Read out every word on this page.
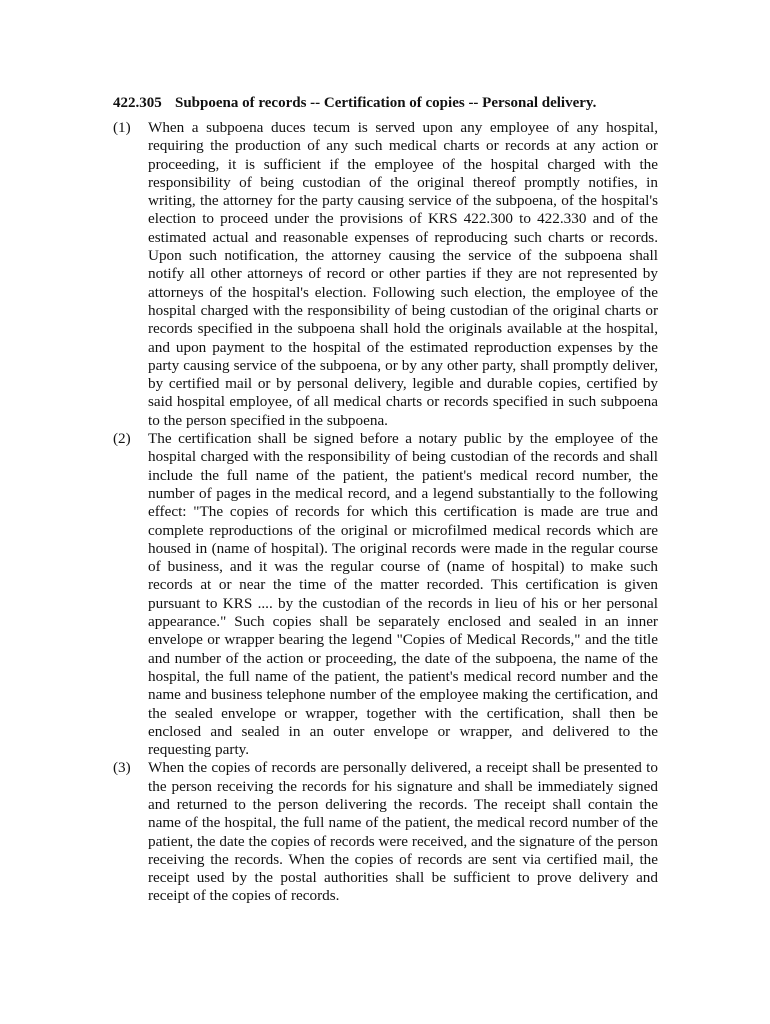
422.305 Subpoena of records -- Certification of copies -- Personal delivery.
(1)	When a subpoena duces tecum is served upon any employee of any hospital, requiring the production of any such medical charts or records at any action or proceeding, it is sufficient if the employee of the hospital charged with the responsibility of being custodian of the original thereof promptly notifies, in writing, the attorney for the party causing service of the subpoena, of the hospital's election to proceed under the provisions of KRS 422.300 to 422.330 and of the estimated actual and reasonable expenses of reproducing such charts or records. Upon such notification, the attorney causing the service of the subpoena shall notify all other attorneys of record or other parties if they are not represented by attorneys of the hospital's election. Following such election, the employee of the hospital charged with the responsibility of being custodian of the original charts or records specified in the subpoena shall hold the originals available at the hospital, and upon payment to the hospital of the estimated reproduction expenses by the party causing service of the subpoena, or by any other party, shall promptly deliver, by certified mail or by personal delivery, legible and durable copies, certified by said hospital employee, of all medical charts or records specified in such subpoena to the person specified in the subpoena.
(2)	The certification shall be signed before a notary public by the employee of the hospital charged with the responsibility of being custodian of the records and shall include the full name of the patient, the patient's medical record number, the number of pages in the medical record, and a legend substantially to the following effect: "The copies of records for which this certification is made are true and complete reproductions of the original or microfilmed medical records which are housed in (name of hospital). The original records were made in the regular course of business, and it was the regular course of (name of hospital) to make such records at or near the time of the matter recorded. This certification is given pursuant to KRS .... by the custodian of the records in lieu of his or her personal appearance." Such copies shall be separately enclosed and sealed in an inner envelope or wrapper bearing the legend "Copies of Medical Records," and the title and number of the action or proceeding, the date of the subpoena, the name of the hospital, the full name of the patient, the patient's medical record number and the name and business telephone number of the employee making the certification, and the sealed envelope or wrapper, together with the certification, shall then be enclosed and sealed in an outer envelope or wrapper, and delivered to the requesting party.
(3)	When the copies of records are personally delivered, a receipt shall be presented to the person receiving the records for his signature and shall be immediately signed and returned to the person delivering the records. The receipt shall contain the name of the hospital, the full name of the patient, the medical record number of the patient, the date the copies of records were received, and the signature of the person receiving the records. When the copies of records are sent via certified mail, the receipt used by the postal authorities shall be sufficient to prove delivery and receipt of the copies of records.
